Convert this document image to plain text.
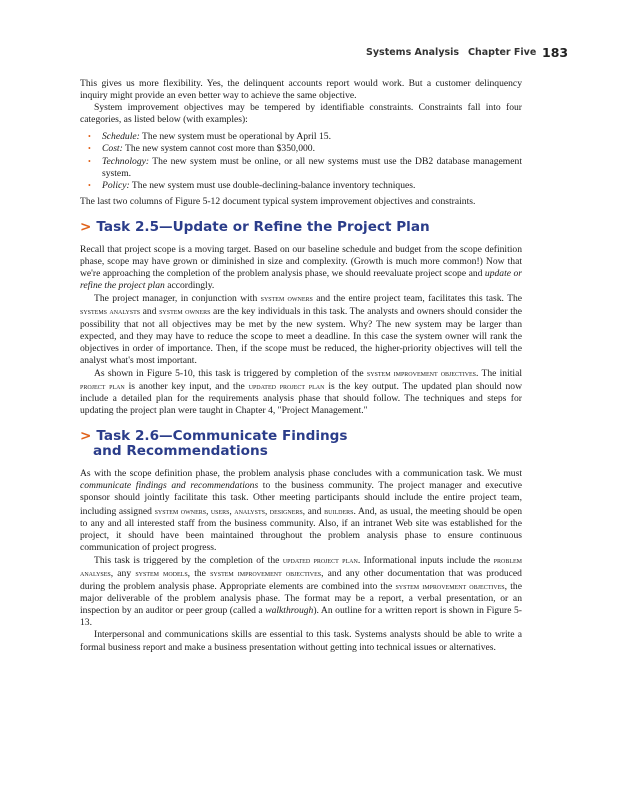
Systems Analysis Chapter Five 183

This gives us more flexibility. Yes, the delinquent accounts report would work. But a customer delinquency inquiry might provide an even better way to achieve the same objective.

System improvement objectives may be tempered by identifiable constraints. Constraints fall into four categories, as listed below (with examples):

• Schedule: The new system must be operational by April 15.
• Cost: The new system cannot cost more than $350,000.
• Technology: The new system must be online, or all new systems must use the DB2 database management system.
• Policy: The new system must use double-declining-balance inventory techniques.

The last two columns of Figure 5-12 document typical system improvement objectives and constraints.

> Task 2.5—Update or Refine the Project Plan

Recall that project scope is a moving target. Based on our baseline schedule and budget from the scope definition phase, scope may have grown or diminished in size and complexity. (Growth is much more common!) Now that we're approaching the completion of the problem analysis phase, we should reevaluate project scope and update or refine the project plan accordingly.

The project manager, in conjunction with system owners and the entire project team, facilitates this task. The systems analysts and system owners are the key individuals in this task. The analysts and owners should consider the possibility that not all objectives may be met by the new system. Why? The new system may be larger than expected, and they may have to reduce the scope to meet a deadline. In this case the system owner will rank the objectives in order of importance. Then, if the scope must be reduced, the higher-priority objectives will tell the analyst what's most important.

As shown in Figure 5-10, this task is triggered by completion of the system improvement objectives. The initial project plan is another key input, and the updated project plan is the key output. The updated plan should now include a detailed plan for the requirements analysis phase that should follow. The techniques and steps for updating the project plan were taught in Chapter 4, "Project Management."

> Task 2.6—Communicate Findings
and Recommendations

As with the scope definition phase, the problem analysis phase concludes with a communication task. We must communicate findings and recommendations to the business community. The project manager and executive sponsor should jointly facilitate this task. Other meeting participants should include the entire project team, including assigned system owners, users, analysts, designers, and builders. And, as usual, the meeting should be open to any and all interested staff from the business community. Also, if an intranet Web site was established for the project, it should have been maintained throughout the problem analysis phase to ensure continuous communication of project progress.

This task is triggered by the completion of the updated project plan. Informational inputs include the problem analyses, any system models, the system improvement objectives, and any other documentation that was produced during the problem analysis phase. Appropriate elements are combined into the system improvement objectives, the major deliverable of the problem analysis phase. The format may be a report, a verbal presentation, or an inspection by an auditor or peer group (called a walkthrough). An outline for a written report is shown in Figure 5-13.

Interpersonal and communications skills are essential to this task. Systems analysts should be able to write a formal business report and make a business presentation without getting into technical issues or alternatives.
